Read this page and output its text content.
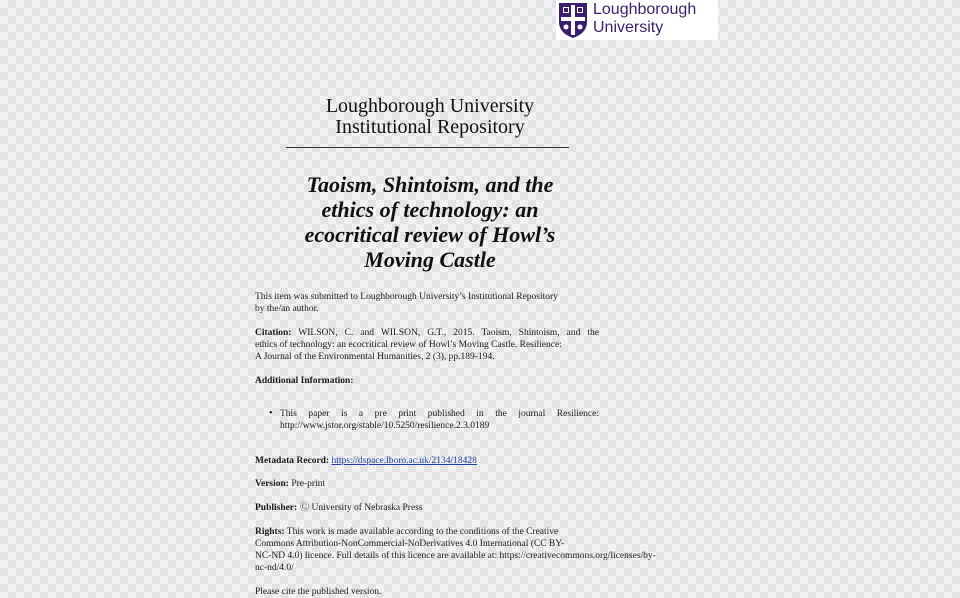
Loughborough
University
Loughborough University
Institutional Repository
Taoism, Shintoism, and the
ethics of technology: an
ecocritical review of Howl’s
Moving Castle
This item was submitted to Loughborough University’s Institutional Repository
by the/an author.
Citation: WILSON, C. and WILSON, G.T., 2015. Taoism, Shintoism, and the
ethics of technology: an ecocritical review of Howl’s Moving Castle. Resilience:
A Journal of the Environmental Humanities, 2 (3), pp.189-194.
Additional Information:
• This paper is a pre print published in the journal Resilience:
http://www.jstor.org/stable/10.5250/resilience.2.3.0189
Metadata Record: https://dspace.lboro.ac.uk/2134/18428
Version: Pre-print
Publisher: Ⓒ University of Nebraska Press
Rights: This work is made available according to the conditions of the Creative
Commons Attribution-NonCommercial-NoDerivatives 4.0 International (CC BY-
NC-ND 4.0) licence. Full details of this licence are available at: https://creativecommons.org/licenses/by-
nc-nd/4.0/
Please cite the published version.
